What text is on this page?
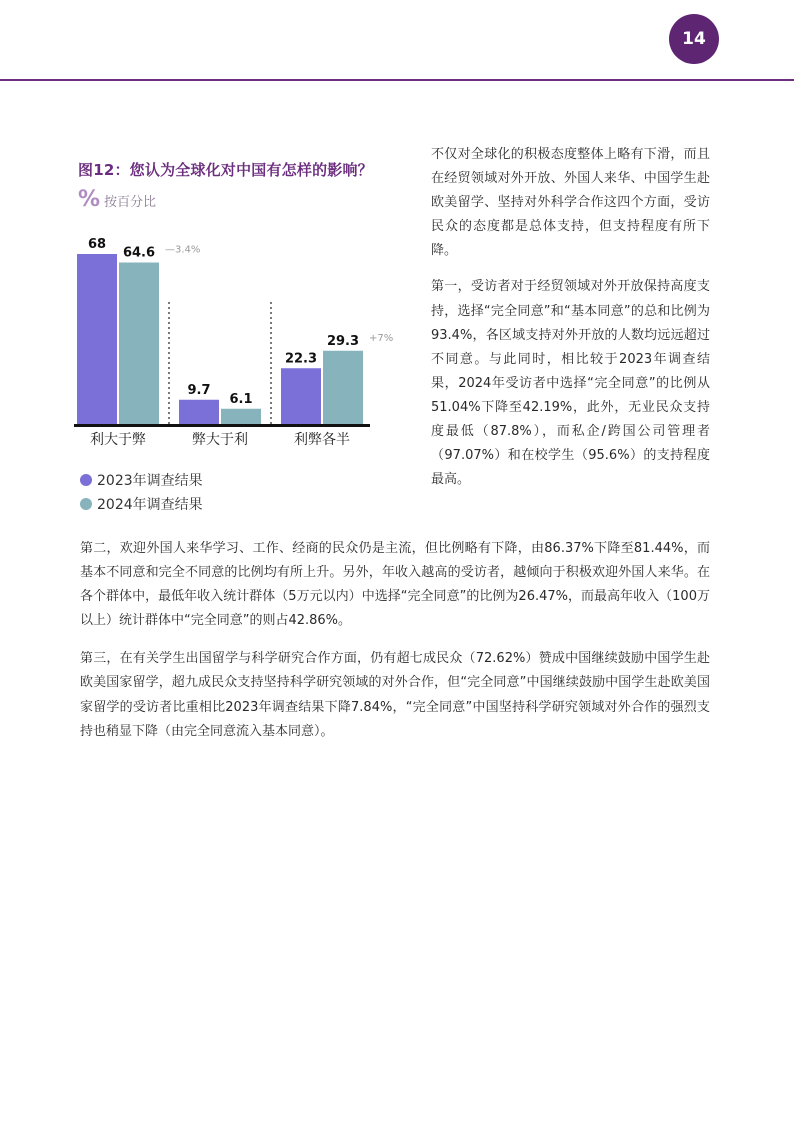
14
图12：您认为全球化对中国有怎样的影响？
% 按百分比
68
9.7
22.3
64.6
6.1
29.3
—3.4%
+7%
利大于弊	弊大于利	利弊各半
2023年调查结果
2024年调查结果

不仅对全球化的积极态度整体上略有下滑，而且在经贸领域对外开放、外国人来华、中国学生赴欧美留学、坚持对外科学合作这四个方面，受访民众的态度都是总体支持，但支持程度有所下降。

第一，受访者对于经贸领域对外开放保持高度支持，选择“完全同意”和“基本同意”的总和比例为93.4%，各区域支持对外开放的人数均远远超过不同意。与此同时，相比较于2023年调查结果，2024年受访者中选择“完全同意”的比例从51.04%下降至42.19%，此外，无业民众支持度最低（87.8%），而私企/跨国公司管理者（97.07%）和在校学生（95.6%）的支持程度最高。

第二，欢迎外国人来华学习、工作、经商的民众仍是主流，但比例略有下降，由86.37%下降至81.44%，而基本不同意和完全不同意的比例均有所上升。另外，年收入越高的受访者，越倾向于积极欢迎外国人来华。在各个群体中，最低年收入统计群体（5万元以内）中选择“完全同意”的比例为26.47%，而最高年收入（100万以上）统计群体中“完全同意”的则占42.86%。

第三，在有关学生出国留学与科学研究合作方面，仍有超七成民众（72.62%）赞成中国继续鼓励中国学生赴欧美国家留学，超九成民众支持坚持科学研究领域的对外合作，但“完全同意”中国继续鼓励中国学生赴欧美国家留学的受访者比重相比2023年调查结果下降7.84%，“完全同意”中国坚持科学研究领域对外合作的强烈支持也稍显下降（由完全同意流入基本同意）。
